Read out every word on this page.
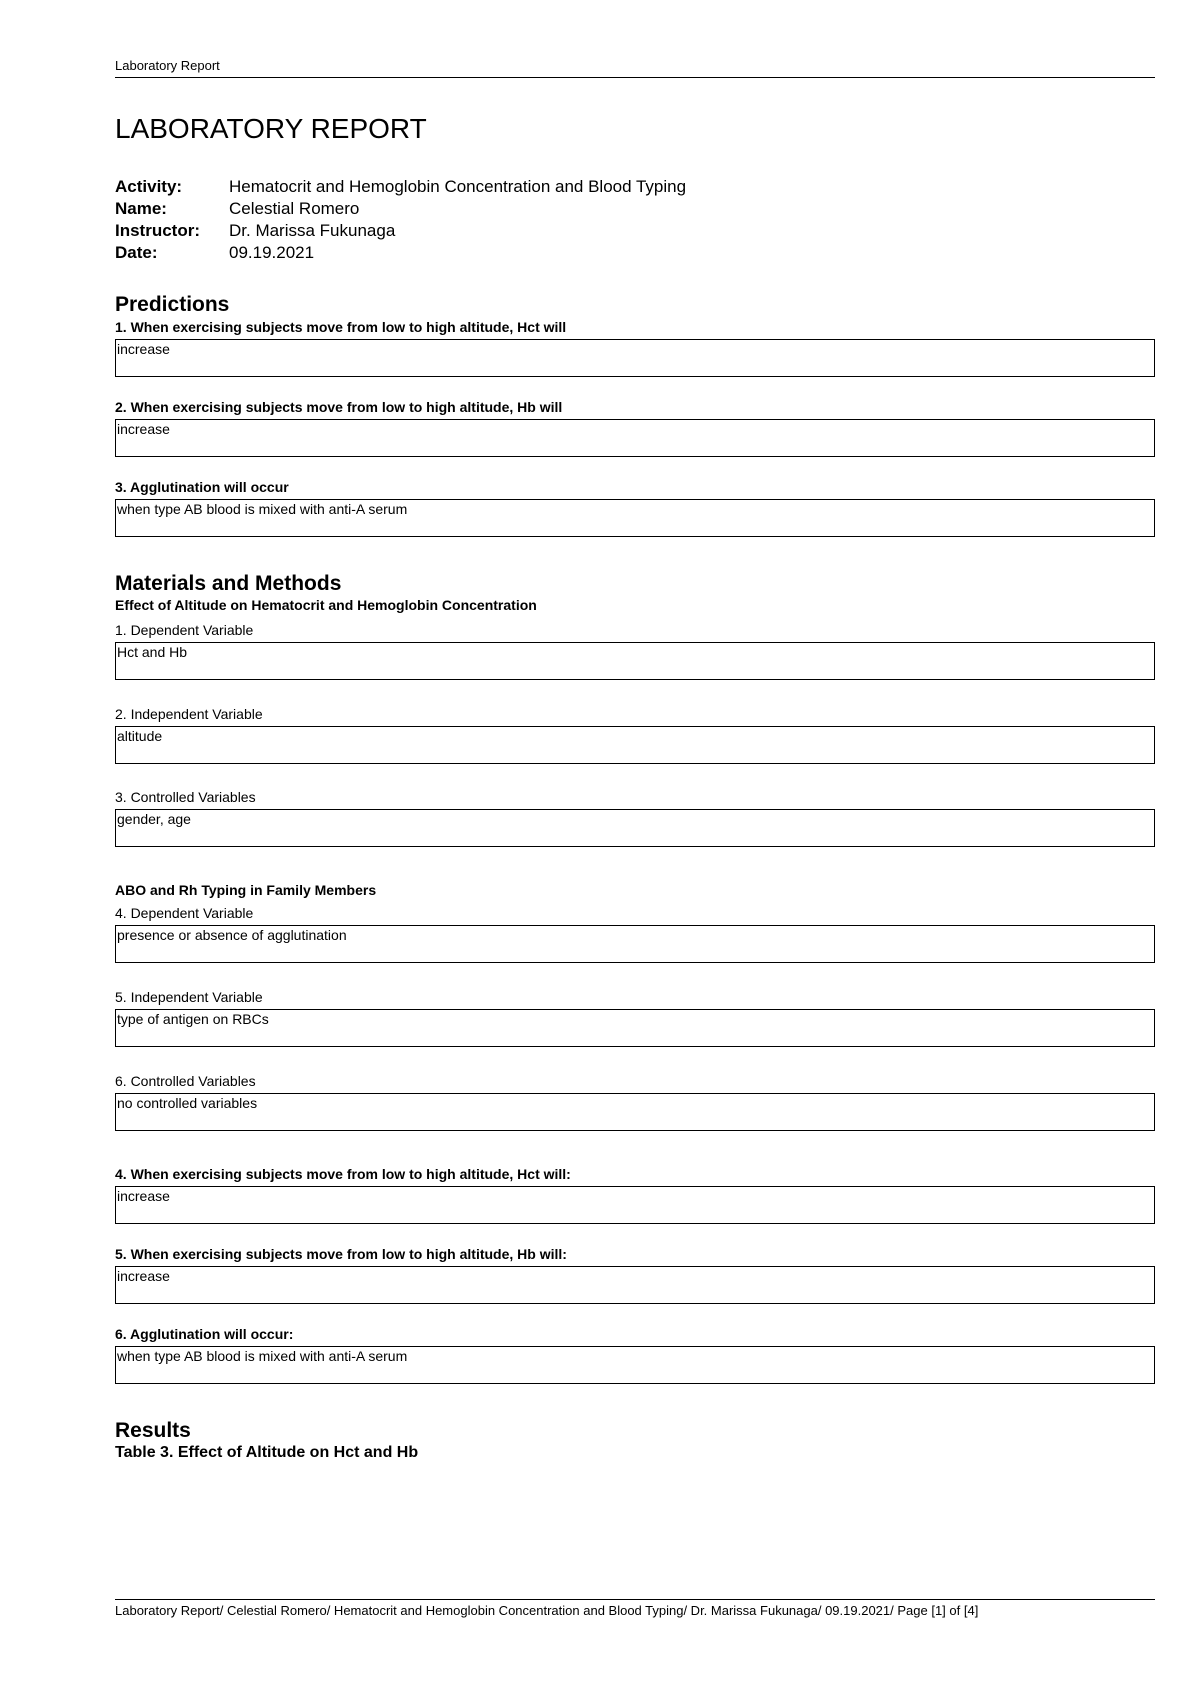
Laboratory Report
LABORATORY REPORT
Activity:	Hematocrit and Hemoglobin Concentration and Blood Typing
Name:	Celestial Romero
Instructor:	Dr. Marissa Fukunaga
Date:	09.19.2021
Predictions
1. When exercising subjects move from low to high altitude, Hct will
increase
2. When exercising subjects move from low to high altitude, Hb will
increase
3. Agglutination will occur
when type AB blood is mixed with anti-A serum
Materials and Methods
Effect of Altitude on Hematocrit and Hemoglobin Concentration
1. Dependent Variable
Hct and Hb
2. Independent Variable
altitude
3. Controlled Variables
gender, age
ABO and Rh Typing in Family Members
4. Dependent Variable
presence or absence of agglutination
5. Independent Variable
type of antigen on RBCs
6. Controlled Variables
no controlled variables
4. When exercising subjects move from low to high altitude, Hct will:
increase
5. When exercising subjects move from low to high altitude, Hb will:
increase
6. Agglutination will occur:
when type AB blood is mixed with anti-A serum
Results
Table 3. Effect of Altitude on Hct and Hb
Laboratory Report/ Celestial Romero/ Hematocrit and Hemoglobin Concentration and Blood Typing/ Dr. Marissa Fukunaga/ 09.19.2021/ Page [1] of [4]
